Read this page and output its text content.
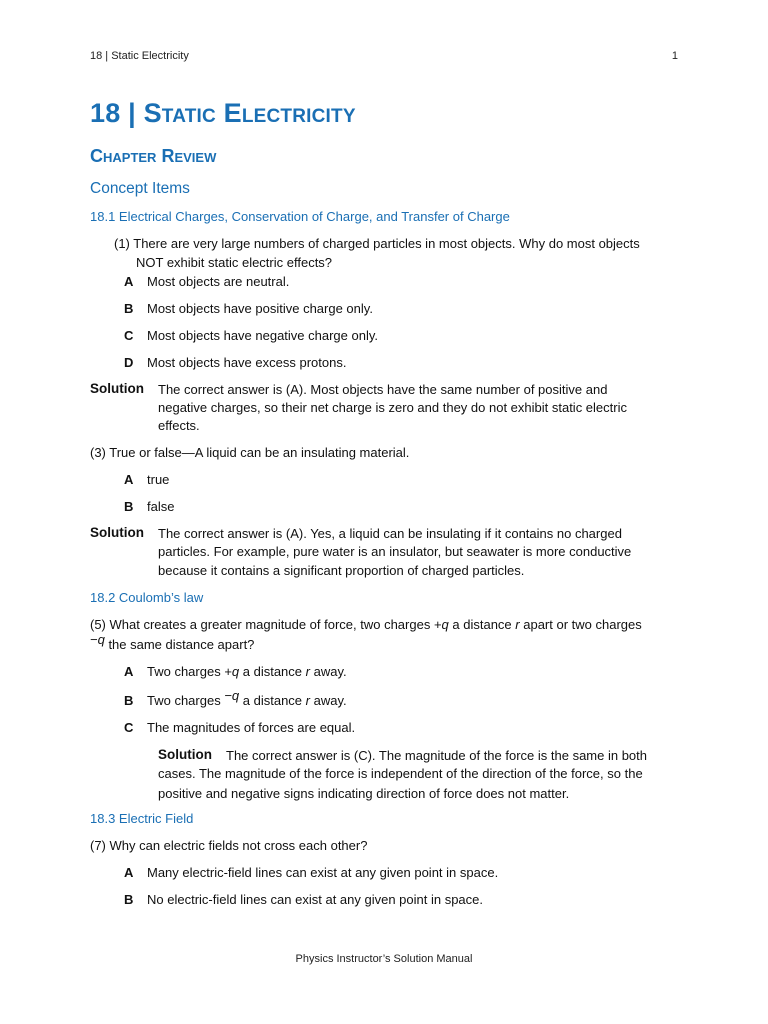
18 | Static Electricity	1
18 | Static Electricity
Chapter Review
Concept Items
18.1 Electrical Charges, Conservation of Charge, and Transfer of Charge
(1) There are very large numbers of charged particles in most objects. Why do most objects
NOT exhibit static electric effects?
A Most objects are neutral.
B Most objects have positive charge only.
C Most objects have negative charge only.
D Most objects have excess protons.
Solution The correct answer is (A). Most objects have the same number of positive and
negative charges, so their net charge is zero and they do not exhibit static electric
effects.
(3) True or false—A liquid can be an insulating material.
A true
B false
Solution The correct answer is (A). Yes, a liquid can be insulating if it contains no charged
particles. For example, pure water is an insulator, but seawater is more conductive
because it contains a significant proportion of charged particles.
18.2 Coulomb’s law
(5) What creates a greater magnitude of force, two charges +q a distance r apart or two charges
−q the same distance apart?
A Two charges +q a distance r away.
B Two charges −q a distance r away.
C The magnitudes of forces are equal.
Solution The correct answer is (C). The magnitude of the force is the same in both
cases. The magnitude of the force is independent of the direction of the force, so the
positive and negative signs indicating direction of force does not matter.
18.3 Electric Field
(7) Why can electric fields not cross each other?
A Many electric-field lines can exist at any given point in space.
B No electric-field lines can exist at any given point in space.
Physics Instructor’s Solution Manual
